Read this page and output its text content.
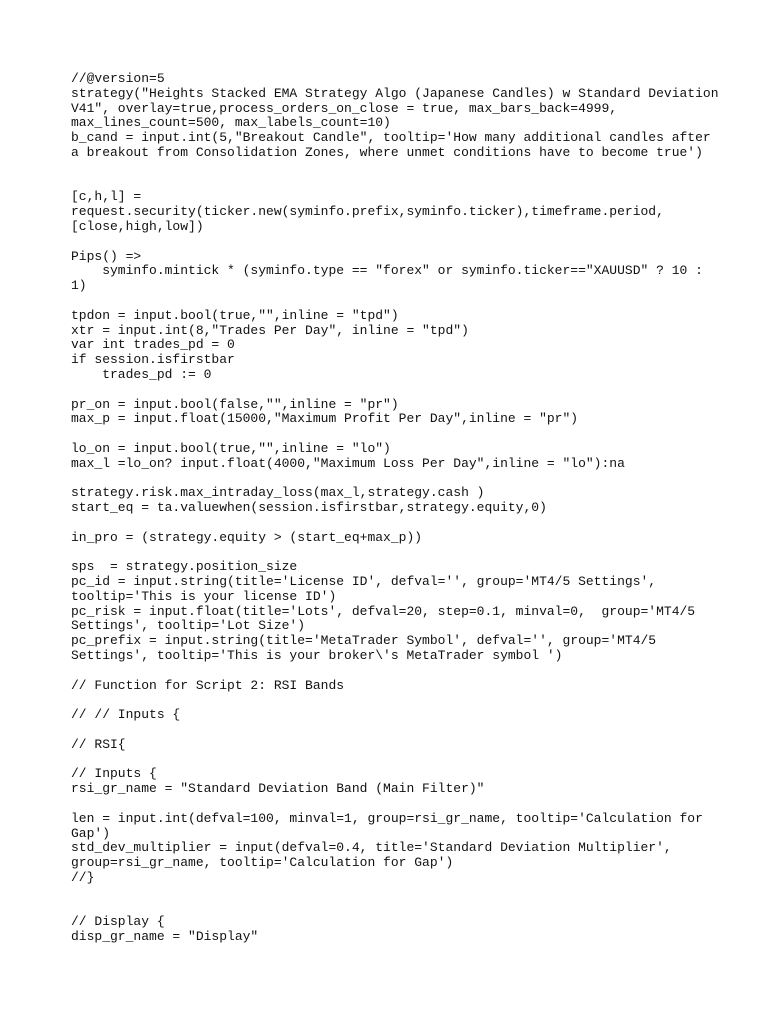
//@version=5
strategy("Heights Stacked EMA Strategy Algo (Japanese Candles) w Standard Deviation
V41", overlay=true,process_orders_on_close = true, max_bars_back=4999,
max_lines_count=500, max_labels_count=10)
b_cand = input.int(5,"Breakout Candle", tooltip='How many additional candles after
a breakout from Consolidation Zones, where unmet conditions have to become true')
[c,h,l] =
request.security(ticker.new(syminfo.prefix,syminfo.ticker),timeframe.period,
[close,high,low])
Pips() =>
syminfo.mintick * (syminfo.type == "forex" or syminfo.ticker=="XAUUSD" ? 10 :
1)
tpdon = input.bool(true,"",inline = "tpd")
xtr = input.int(8,"Trades Per Day", inline = "tpd")
var int trades_pd = 0
if session.isfirstbar
trades_pd := 0
pr_on = input.bool(false,"",inline = "pr")
max_p = input.float(15000,"Maximum Profit Per Day",inline = "pr")
lo_on = input.bool(true,"",inline = "lo")
max_l =lo_on? input.float(4000,"Maximum Loss Per Day",inline = "lo"):na
strategy.risk.max_intraday_loss(max_l,strategy.cash )
start_eq = ta.valuewhen(session.isfirstbar,strategy.equity,0)
in_pro = (strategy.equity > (start_eq+max_p))
sps  = strategy.position_size
pc_id = input.string(title='License ID', defval='', group='MT4/5 Settings',
tooltip='This is your license ID')
pc_risk = input.float(title='Lots', defval=20, step=0.1, minval=0,  group='MT4/5
Settings', tooltip='Lot Size')
pc_prefix = input.string(title='MetaTrader Symbol', defval='', group='MT4/5
Settings', tooltip='This is your broker\'s MetaTrader symbol ')
// Function for Script 2: RSI Bands
// // Inputs {
// RSI{
// Inputs {
rsi_gr_name = "Standard Deviation Band (Main Filter)"
len = input.int(defval=100, minval=1, group=rsi_gr_name, tooltip='Calculation for
Gap')
std_dev_multiplier = input(defval=0.4, title='Standard Deviation Multiplier',
group=rsi_gr_name, tooltip='Calculation for Gap')
//}
// Display {
disp_gr_name = "Display"
